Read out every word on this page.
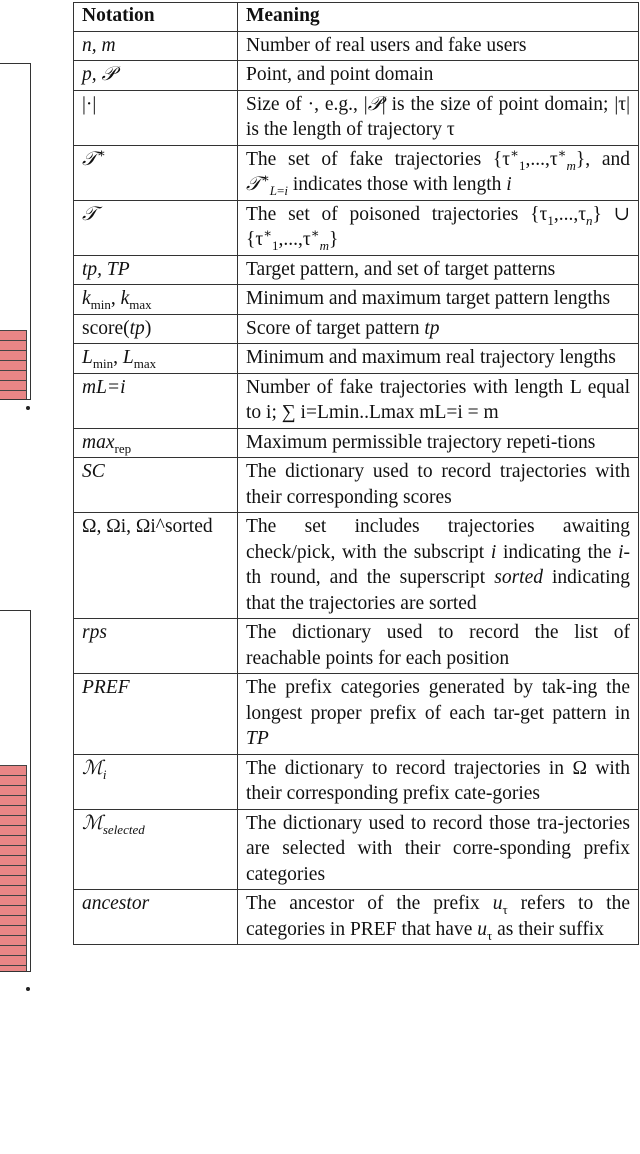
Notation	Meaning
n, m	Number of real users and fake users
p, 𝒫	Point, and point domain
|·|	Size of ·, e.g., |𝒫| is the size of point domain; |τ| is the length of trajectory τ
𝒯∗	The set of fake trajectories $\{\tau^∗_1,...,\tau^∗_m\}$, and 𝒯∗$_{L=i}$ indicates those with length i
𝒯	The set of poisoned trajectories $\{\tau_1,...,\tau_n\}$ ∪ $\{\tau^∗_1,...,\tau^∗_m\}$
tp, TP	Target pattern, and set of target patterns
$k_{min}$, $k_{max}$	Minimum and maximum target pattern lengths
score(tp)	Score of target pattern tp
$L_{min}$, $L_{max}$	Minimum and maximum real trajectory lengths
mL=i	Number of fake trajectories with length L equal to i; ∑ i=Lmin..Lmax mL=i = m
$\max_{rep}$	Maximum permissible trajectory repeti-tions
SC	The dictionary used to record trajectories with their corresponding scores
Ω, Ωi, Ωi^sorted	The set includes trajectories awaiting check/pick, with the subscript i indicating the i-th round, and the superscript sorted indicating that the trajectories are sorted
rps	The dictionary used to record the list of reachable points for each position
PREF	The prefix categories generated by tak-ing the longest proper prefix of each tar-get pattern in TP
ℳ$_i$	The dictionary to record trajectories in Ω with their corresponding prefix cate-gories
ℳ$_{selected}$	The dictionary used to record those tra-jectories are selected with their corre-sponding prefix categories
ancestor	The ancestor of the prefix $u_\tau$ refers to the categories in PREF that have $u_\tau$ as their suffix
